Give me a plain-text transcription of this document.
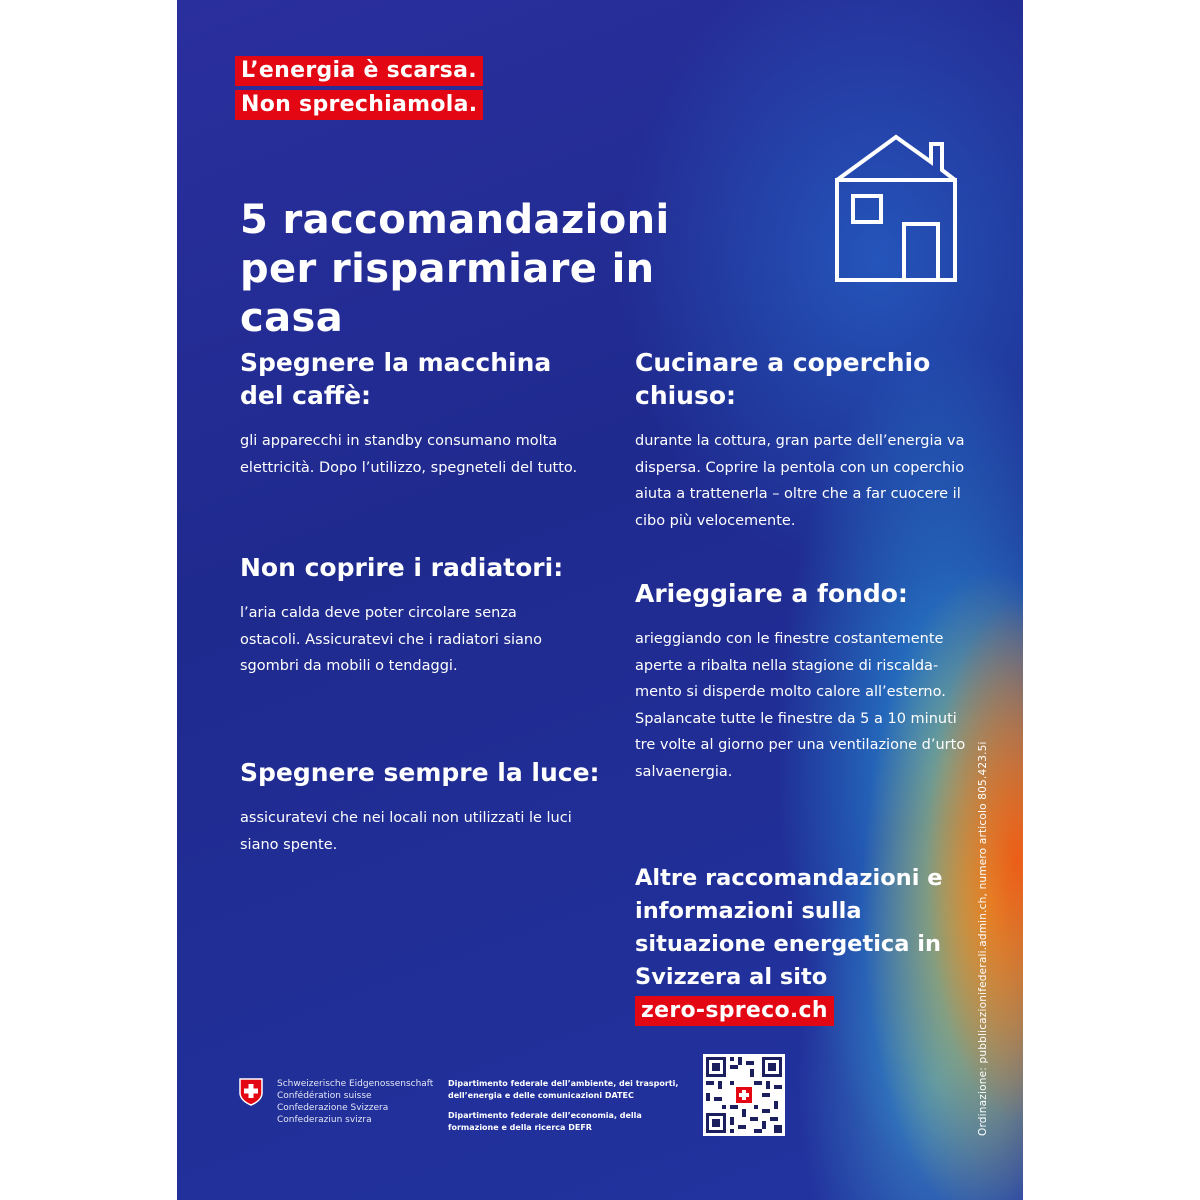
L’energia è scarsa.
Non sprechiamola.
5 raccomandazioni per risparmiare in casa
Spegnere la macchina del caffè:

gli apparecchi in standby consumano molta elettricità. Dopo l’utilizzo, spegneteli del tutto.

Cucinare a coperchio chiuso:

durante la cottura, gran parte dell’energia va dispersa. Coprire la pentola con un coperchio aiuta a trattenerla – oltre che a far cuocere il cibo più velocemente.

Non coprire i radiatori:

l’aria calda deve poter circolare senza ostacoli. Assicuratevi che i radiatori siano sgombri da mobili o tendaggi.

Arieggiare a fondo:

arieggiando con le finestre costantemente aperte a ribalta nella stagione di riscalda-mento si disperde molto calore all’esterno. Spalancate tutte le finestre da 5 a 10 minuti tre volte al giorno per una ventilazione d’urto salvaenergia.

Spegnere sempre la luce:

assicuratevi che nei locali non utilizzati le luci siano spente.

Altre raccomandazioni e informazioni sulla situazione energetica in Svizzera al sito
zero-spreco.ch
Schweizerische Eidgenossenschaft
Confédération suisse
Confederazione Svizzera
Confederaziun svizra
Dipartimento federale dell’ambiente, dei trasporti, dell’energia e delle comunicazioni DATEC
Dipartimento federale dell’economia, della formazione e della ricerca DEFR	Ordinazione: pubblicazionifederali.admin.ch, numero articolo 805.423.5i
